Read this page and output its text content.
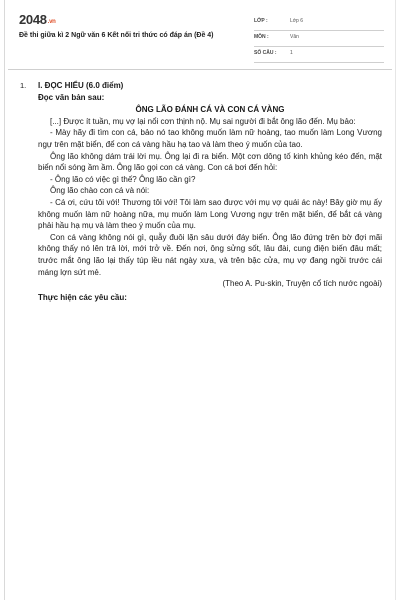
2048.vn
Đề thi giữa kì 2 Ngữ văn 6 Kết nối tri thức có đáp án (Đề 4)
LỚP :	Lớp 6
MÔN :	Văn
SỐ CÂU :	1
1. I. ĐỌC HIỂU (6.0 điểm)
Đọc văn bản sau:
ÔNG LÃO ĐÁNH CÁ VÀ CON CÁ VÀNG

[...] Được ít tuần, mụ vợ lại nổi cơn thịnh nộ. Mụ sai người đi bắt ông lão đến. Mụ bảo:

- Mày hãy đi tìm con cá, bảo nó tao không muốn làm nữ hoàng, tao muốn làm Long Vương ngự trên mặt biển, để con cá vàng hầu hạ tao và làm theo ý muốn của tao.

Ông lão không dám trái lời mụ. Ông lại đi ra biển. Một cơn dông tố kinh khủng kéo đến, mặt biển nổi sóng ầm ầm. Ông lão gọi con cá vàng. Con cá bơi đến hỏi:

- Ông lão có việc gì thế? Ông lão cần gì?

Ông lão chào con cá và nói:

- Cá ơi, cứu tôi với! Thương tôi với! Tôi làm sao được với mụ vợ quái ác này! Bây giờ mụ ấy không muốn làm nữ hoàng nữa, mụ muốn làm Long Vương ngự trên mặt biển, để bắt cá vàng phải hầu hạ mụ và làm theo ý muốn của mụ.

Con cá vàng không nói gì, quẫy đuôi lặn sâu dưới đáy biển. Ông lão đứng trên bờ đợi mãi không thấy nó lên trả lời, mới trở về. Đến nơi, ông sửng sốt, lâu đài, cung điện biến đâu mất; trước mắt ông lão lại thấy túp lều nát ngày xưa, và trên bậc cửa, mụ vợ đang ngồi trước cái máng lợn sứt mẻ.

(Theo A. Pu-skin, Truyện cổ tích nước ngoài)

Thực hiện các yêu cầu:
